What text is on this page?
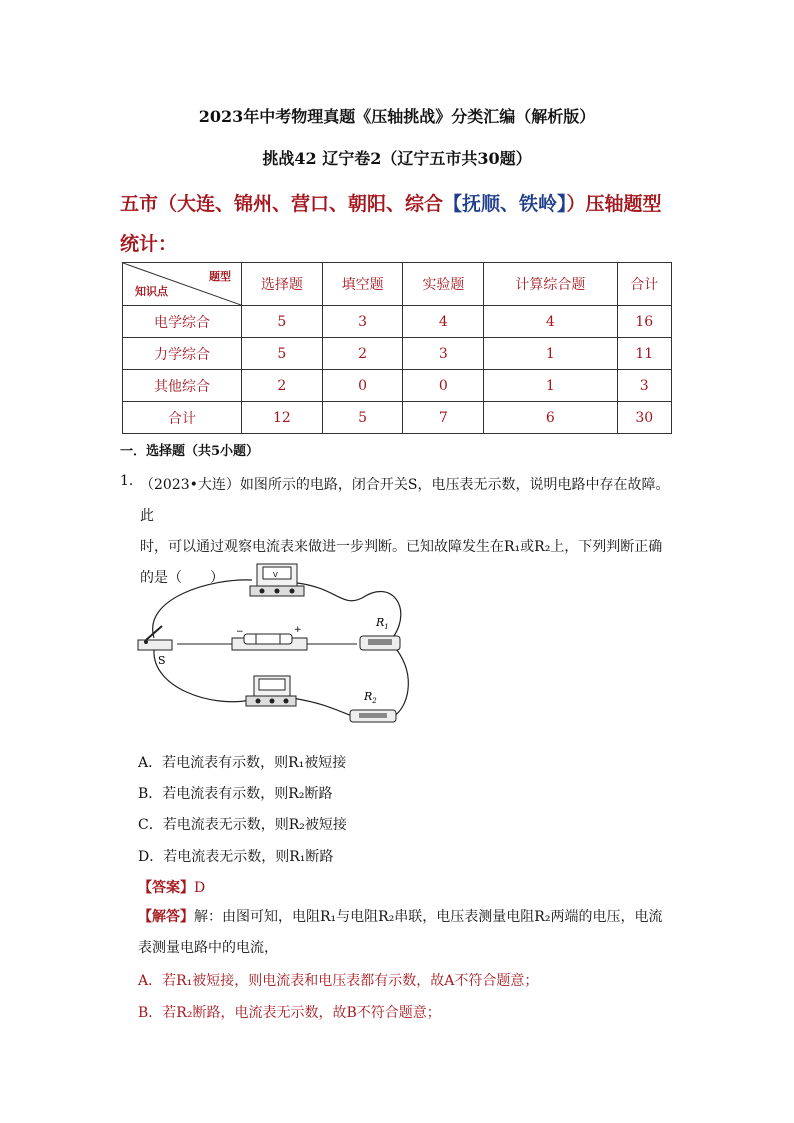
2023年中考物理真题《压轴挑战》分类汇编（解析版）
挑战42 辽宁卷2（辽宁五市共30题）
五市（大连、锦州、营口、朝阳、综合【抚顺、铁岭】）压轴题型统计：
题型
知识点	选择题	填空题	实验题	计算综合题	合计
电学综合	5	3	4	4	16
力学综合	5	2	3	1	11
其他综合	2	0	0	1	3
合计	12	5	7	6	30
一．选择题（共5小题）
1．
（2023•大连）如图所示的电路，闭合开关S，电压表无示数，说明电路中存在故障。此
时，可以通过观察电流表来做进一步判断。已知故障发生在R₁或R₂上，下列判断正确
的是（　　）	V
−	+
S
$R_1$
$R_2$
A．若电流表有示数，则R₁被短接
B．若电流表有示数，则R₂断路
C．若电流表无示数，则R₂被短接
D．若电流表无示数，则R₁断路
【答案】D
【解答】解：由图可知，电阻R₁与电阻R₂串联，电压表测量电阻R₂两端的电压，电流
表测量电路中的电流，
A．若R₁被短接，则电流表和电压表都有示数，故A不符合题意；
B．若R₂断路，电流表无示数，故B不符合题意；
